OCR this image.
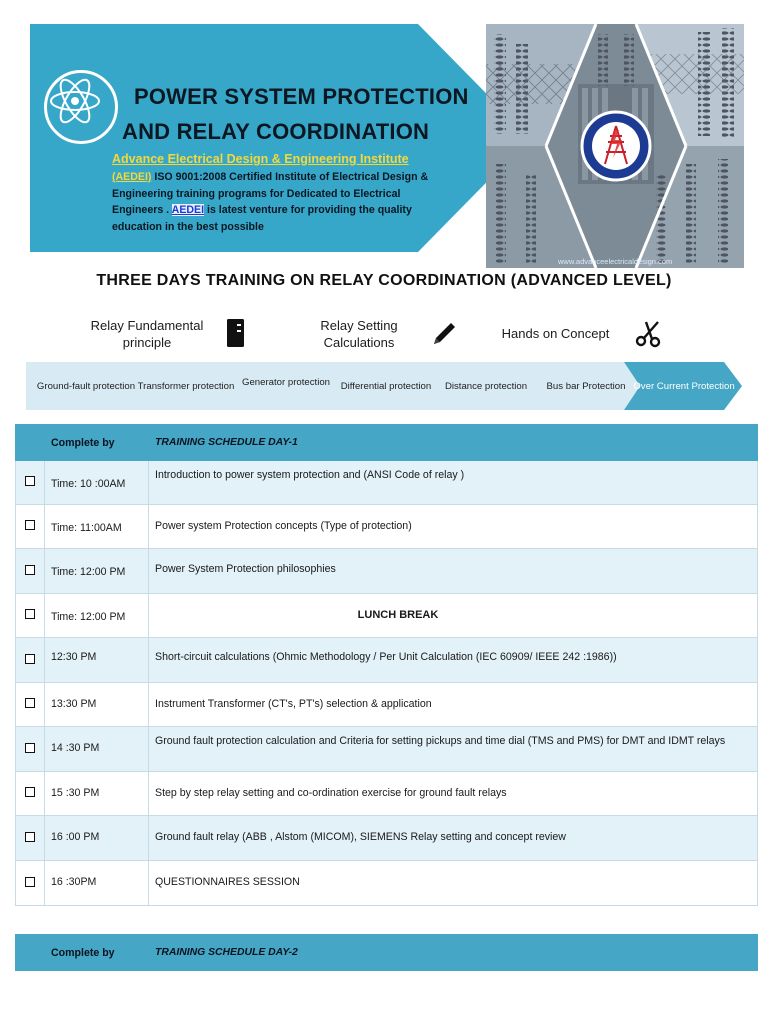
POWER SYSTEM PROTECTION
AND RELAY COORDINATION
Advance Electrical Design & Engineering Institute
(AEDEI) ISO 9001:2008 Certified Institute of Electrical Design & Engineering training programs for Dedicated to Electrical Engineers . AEDEI is latest venture for providing the quality education in the best possible
www.advanceelectricaldesign.com
THREE DAYS TRAINING ON RELAY COORDINATION (ADVANCED LEVEL)
Relay Fundamental principle
Relay Setting Calculations
Hands on Concept
Ground-fault protection Transformer protection Generator protection	Differential protection	Distance protection	Bus bar Protection Over Current Protection
	Complete by	TRAINING SCHEDULE DAY-1
	Time: 10 :00AM	Introduction to power system protection and (ANSI Code of relay )
	Time: 11:00AM	Power system Protection concepts (Type of protection)
	Time: 12:00 PM	Power System Protection philosophies
	Time: 12:00 PM	LUNCH BREAK

	12:30 PM	Short-circuit calculations (Ohmic Methodology / Per Unit Calculation (IEC 60909/ IEEE 242 :1986))
	13:30 PM	Instrument Transformer (CT's, PT's) selection & application
	14 :30 PM	Ground fault protection calculation and Criteria for setting pickups and time dial (TMS and PMS) for DMT and IDMT relays
	15 :30 PM	Step by step relay setting and co-ordination exercise for ground fault relays
	16 :00 PM	Ground fault relay (ABB , Alstom (MICOM), SIEMENS Relay setting and concept review
	16 :30PM	QUESTIONNAIRES SESSION
	Complete by	TRAINING SCHEDULE DAY-2
